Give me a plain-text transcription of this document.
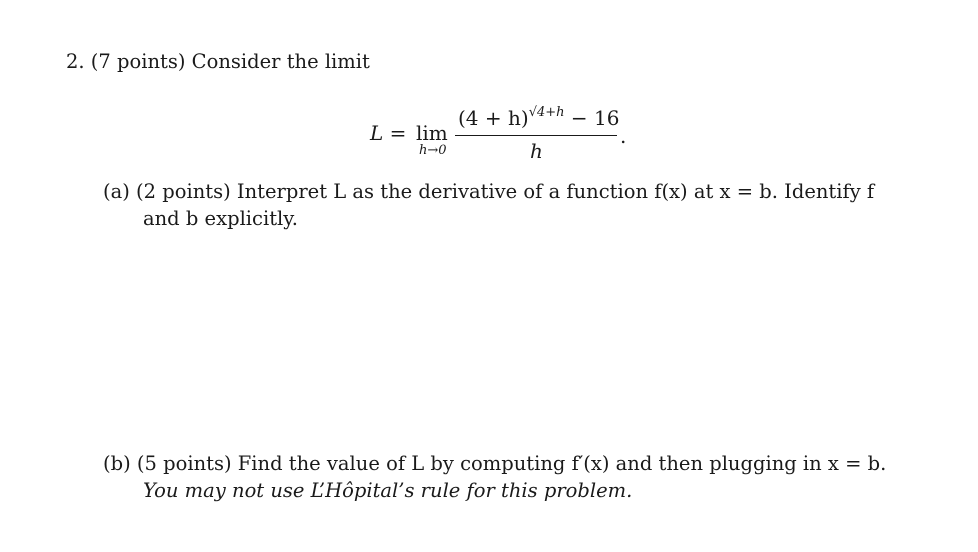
2. (7 points) Consider the limit
L = lim
h→0
$(4 + h)^{√4+h} - 16$
h
.
(a) (2 points) Interpret L as the derivative of a function f(x) at x = b. Identify f
and b explicitly.
(b) (5 points) Find the value of L by computing f′(x) and then plugging in x = b.
You may not use L’Hôpital’s rule for this problem.
